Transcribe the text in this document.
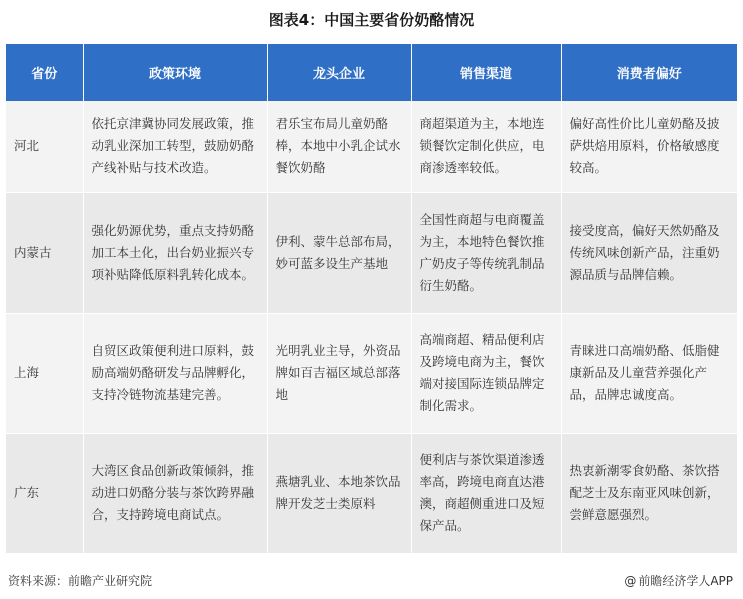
图表4：中国主要省份奶酪情况
省份	政策环境	龙头企业	销售渠道	消费者偏好
河北	依托京津冀协同发展政策，推动乳业深加工转型，鼓励奶酪产线补贴与技术改造。	君乐宝布局儿童奶酪棒，本地中小乳企试水餐饮奶酪	商超渠道为主，本地连锁餐饮定制化供应，电商渗透率较低。	偏好高性价比儿童奶酪及披萨烘焙用原料，价格敏感度较高。
内蒙古	强化奶源优势，重点支持奶酪加工本土化，出台奶业振兴专项补贴降低原料乳转化成本。	伊利、蒙牛总部布局，妙可蓝多设生产基地	全国性商超与电商覆盖为主，本地特色餐饮推广奶皮子等传统乳制品衍生奶酪。	接受度高，偏好天然奶酪及传统风味创新产品，注重奶源品质与品牌信赖。
上海	自贸区政策便利进口原料，鼓励高端奶酪研发与品牌孵化，支持冷链物流基建完善。	光明乳业主导，外资品牌如百吉福区域总部落地	高端商超、精品便利店及跨境电商为主，餐饮端对接国际连锁品牌定制化需求。	青睐进口高端奶酪、低脂健康新品及儿童营养强化产品，品牌忠诚度高。
广东	大湾区食品创新政策倾斜，推动进口奶酪分装与茶饮跨界融合，支持跨境电商试点。	燕塘乳业、本地茶饮品牌开发芝士类原料	便利店与茶饮渠道渗透率高，跨境电商直达港澳，商超侧重进口及短保产品。	热衷新潮零食奶酪、茶饮搭配芝士及东南亚风味创新，尝鲜意愿强烈。
资料来源：前瞻产业研究院	@ 前瞻经济学人APP
